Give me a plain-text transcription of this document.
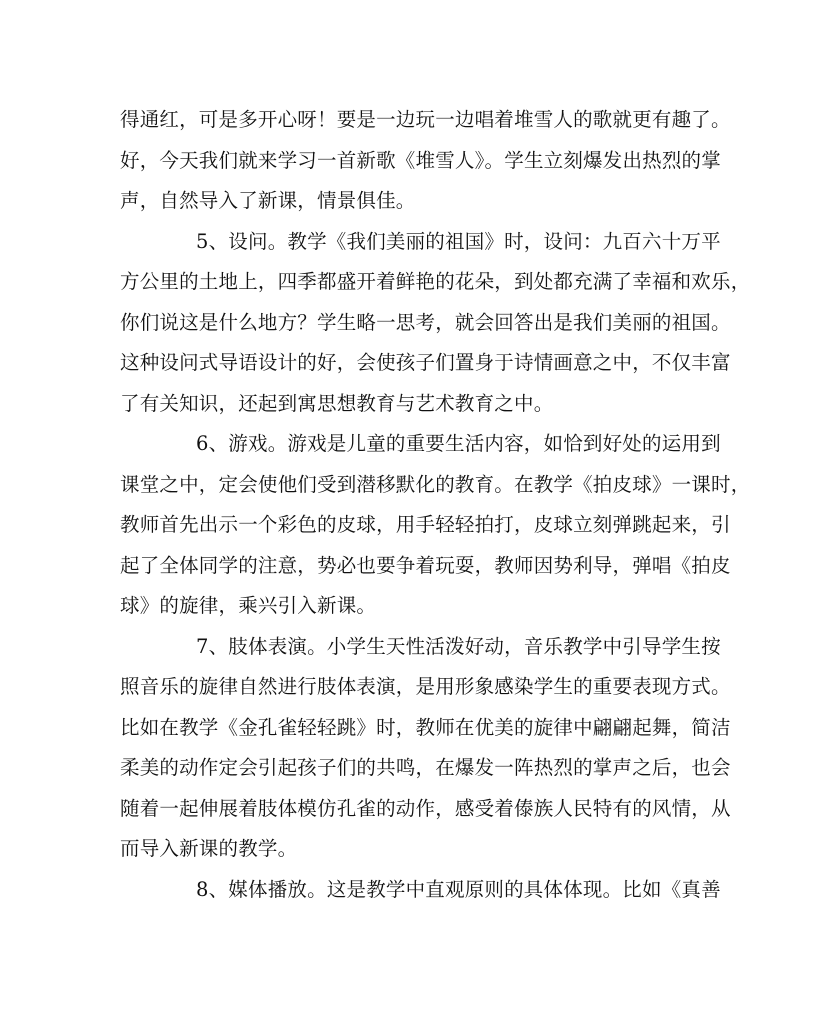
得通红，可是多开心呀！要是一边玩一边唱着堆雪人的歌就更有趣了。
好，今天我们就来学习一首新歌《堆雪人》。学生立刻爆发出热烈的掌
声，自然导入了新课，情景俱佳。
5、设问。教学《我们美丽的祖国》时，设问：九百六十万平
方公里的土地上，四季都盛开着鲜艳的花朵，到处都充满了幸福和欢乐，
你们说这是什么地方？学生略一思考，就会回答出是我们美丽的祖国。
这种设问式导语设计的好，会使孩子们置身于诗情画意之中，不仅丰富
了有关知识，还起到寓思想教育与艺术教育之中。
6、游戏。游戏是儿童的重要生活内容，如恰到好处的运用到
课堂之中，定会使他们受到潜移默化的教育。在教学《拍皮球》一课时，
教师首先出示一个彩色的皮球，用手轻轻拍打，皮球立刻弹跳起来，引
起了全体同学的注意，势必也要争着玩耍，教师因势利导，弹唱《拍皮
球》的旋律，乘兴引入新课。
7、肢体表演。小学生天性活泼好动，音乐教学中引导学生按
照音乐的旋律自然进行肢体表演，是用形象感染学生的重要表现方式。
比如在教学《金孔雀轻轻跳》时，教师在优美的旋律中翩翩起舞，简洁
柔美的动作定会引起孩子们的共鸣，在爆发一阵热烈的掌声之后，也会
随着一起伸展着肢体模仿孔雀的动作，感受着傣族人民特有的风情，从
而导入新课的教学。
8、媒体播放。这是教学中直观原则的具体体现。比如《真善
